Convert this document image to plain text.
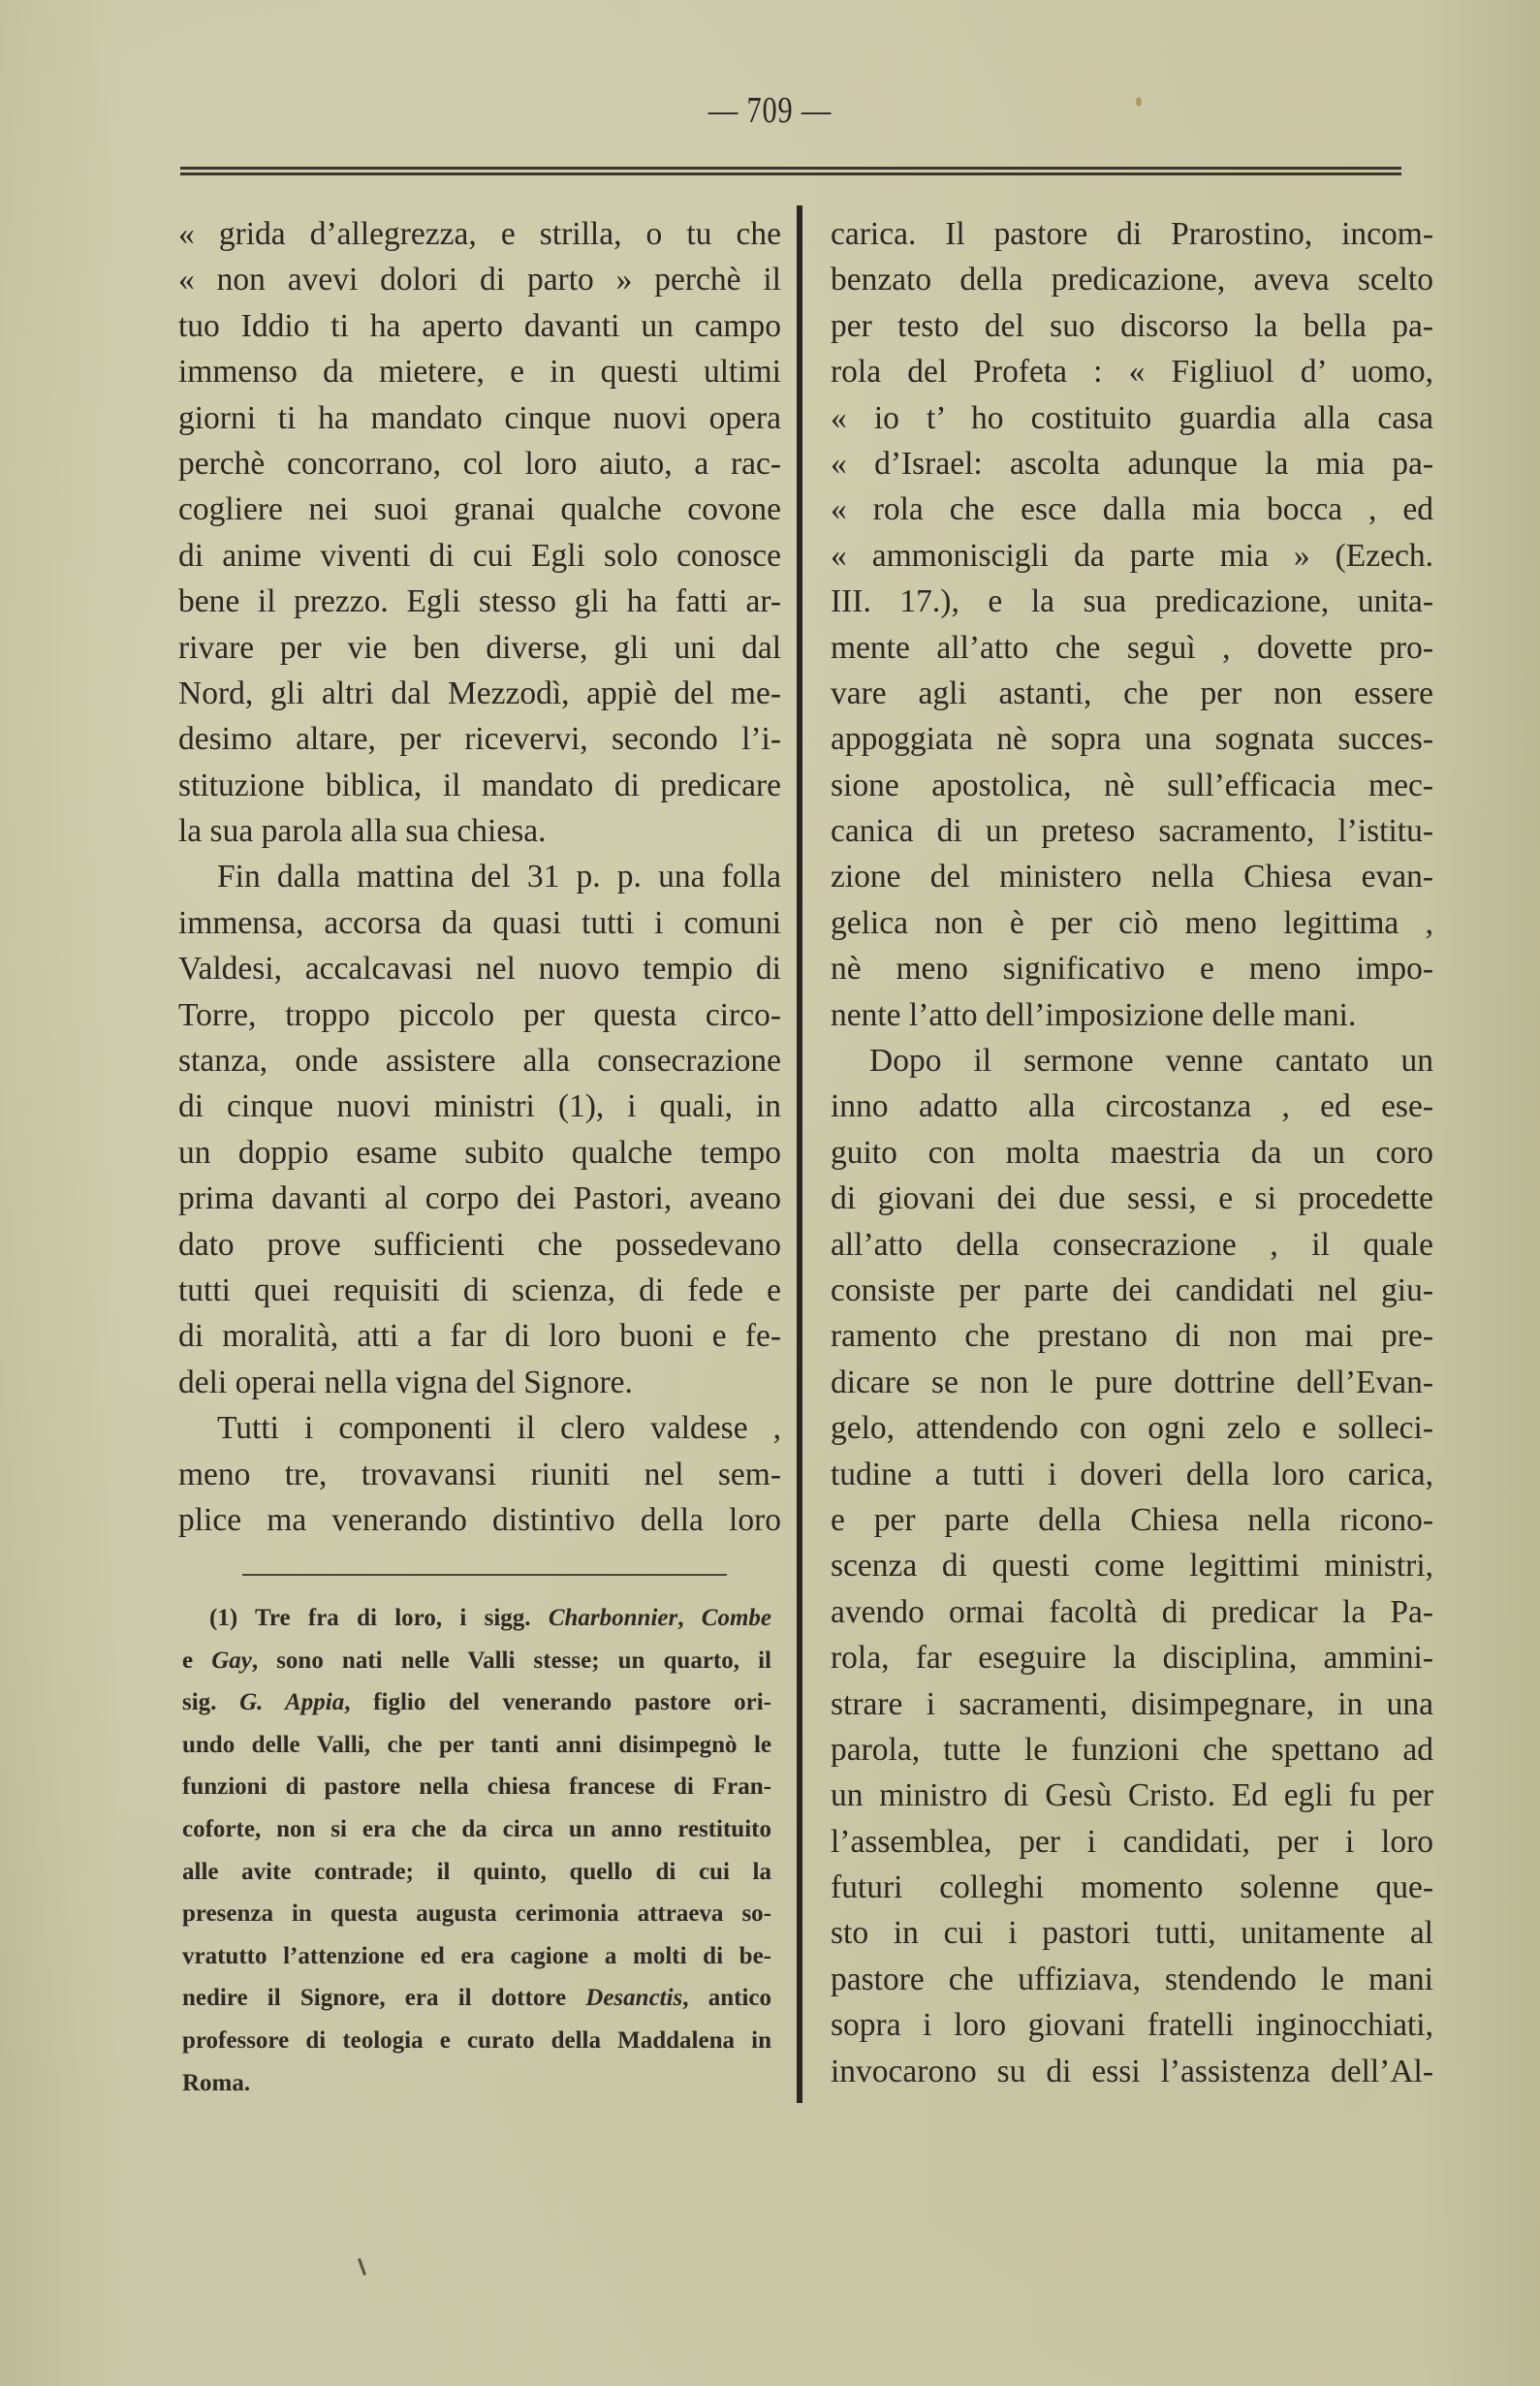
— 709 —
« grida d’allegrezza, e strilla, o tu che
« non avevi dolori di parto » perchè il
tuo Iddio ti ha aperto davanti un campo
immenso da mietere, e in questi ultimi
giorni ti ha mandato cinque nuovi opera
perchè concorrano, col loro aiuto, a rac-
cogliere nei suoi granai qualche covone
di anime viventi di cui Egli solo conosce
bene il prezzo. Egli stesso gli ha fatti ar-
rivare per vie ben diverse, gli uni dal
Nord, gli altri dal Mezzodì, appiè del me-
desimo altare, per ricevervi, secondo l’i-
stituzione biblica, il mandato di predicare
la sua parola alla sua chiesa.
Fin dalla mattina del 31 p. p. una folla
immensa, accorsa da quasi tutti i comuni
Valdesi, accalcavasi nel nuovo tempio di
Torre, troppo piccolo per questa circo-
stanza, onde assistere alla consecrazione
di cinque nuovi ministri (1), i quali, in
un doppio esame subito qualche tempo
prima davanti al corpo dei Pastori, aveano
dato prove sufficienti che possedevano
tutti quei requisiti di scienza, di fede e
di moralità, atti a far di loro buoni e fe-
deli operai nella vigna del Signore.
Tutti i componenti il clero valdese ,
meno tre, trovavansi riuniti nel sem-
plice ma venerando distintivo della loro
carica. Il pastore di Prarostino, incom-
benzato della predicazione, aveva scelto
per testo del suo discorso la bella pa-
rola del Profeta : « Figliuol d’ uomo,
« io t’ ho costituito guardia alla casa
« d’Israel: ascolta adunque la mia pa-
« rola che esce dalla mia bocca , ed
« ammoniscigli da parte mia » (Ezech.
III. 17.), e la sua predicazione, unita-
mente all’atto che seguì , dovette pro-
vare agli astanti, che per non essere
appoggiata nè sopra una sognata succes-
sione apostolica, nè sull’efficacia mec-
canica di un preteso sacramento, l’istitu-
zione del ministero nella Chiesa evan-
gelica non è per ciò meno legittima ,
nè meno significativo e meno impo-
nente l’atto dell’imposizione delle mani.
Dopo il sermone venne cantato un
inno adatto alla circostanza , ed ese-
guito con molta maestria da un coro
di giovani dei due sessi, e si procedette
all’atto della consecrazione , il quale
consiste per parte dei candidati nel giu-
ramento che prestano di non mai pre-
dicare se non le pure dottrine dell’Evan-
gelo, attendendo con ogni zelo e solleci-
tudine a tutti i doveri della loro carica,
e per parte della Chiesa nella ricono-
scenza di questi come legittimi ministri,
avendo ormai facoltà di predicar la Pa-
rola, far eseguire la disciplina, ammini-
strare i sacramenti, disimpegnare, in una
parola, tutte le funzioni che spettano ad
un ministro di Gesù Cristo. Ed egli fu per
l’assemblea, per i candidati, per i loro
futuri colleghi momento solenne que-
sto in cui i pastori tutti, unitamente al
pastore che uffiziava, stendendo le mani
sopra i loro giovani fratelli inginocchiati,
invocarono su di essi l’assistenza dell’Al-
(1) Tre fra di loro, i sigg. Charbonnier, Combe
e Gay, sono nati nelle Valli stesse; un quarto, il
sig. G. Appia, figlio del venerando pastore ori-
undo delle Valli, che per tanti anni disimpegnò le
funzioni di pastore nella chiesa francese di Fran-
coforte, non si era che da circa un anno restituito
alle avite contrade; il quinto, quello di cui la
presenza in questa augusta cerimonia attraeva so-
vratutto l’attenzione ed era cagione a molti di be-
nedire il Signore, era il dottore Desanctis, antico
professore di teologia e curato della Maddalena in
Roma.
